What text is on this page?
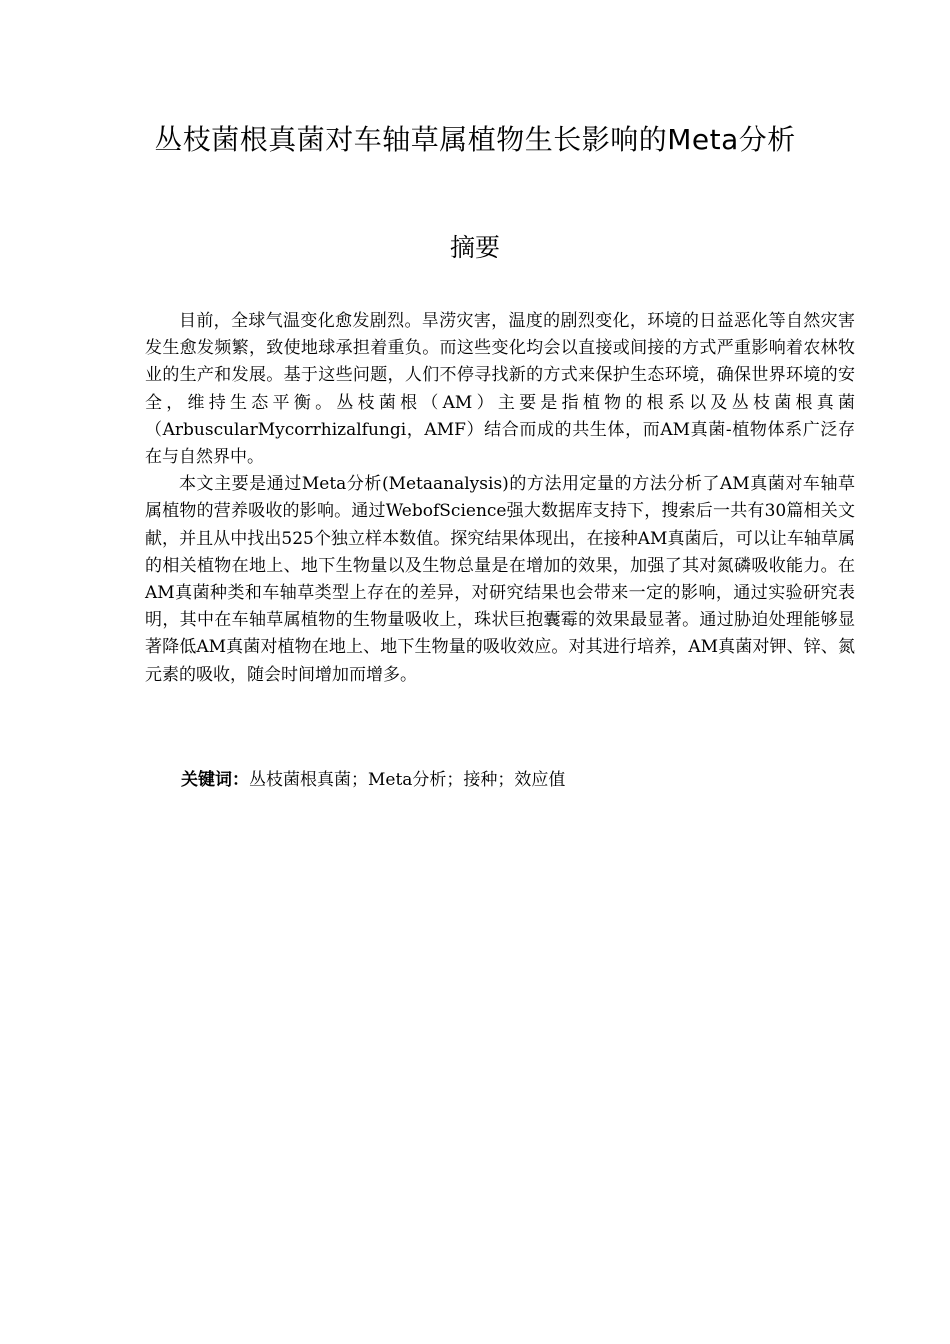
丛枝菌根真菌对车轴草属植物生长影响的Meta分析
摘要

目前，全球气温变化愈发剧烈。旱涝灾害，温度的剧烈变化，环境的日益恶化等自然灾害发生愈发频繁，致使地球承担着重负。而这些变化均会以直接或间接的方式严重影响着农林牧业的生产和发展。基于这些问题，人们不停寻找新的方式来保护生态环境，确保世界环境的安全，维持生态平衡。丛枝菌根（AM）主要是指植物的根系以及丛枝菌根真菌（ArbuscularMycorrhizalfungi，AMF）结合而成的共生体，而AM真菌-植物体系广泛存在与自然界中。

本文主要是通过Meta分析(Metaanalysis)的方法用定量的方法分析了AM真菌对车轴草属植物的营养吸收的影响。通过WebofScience强大数据库支持下，搜索后一共有30篇相关文献，并且从中找出525个独立样本数值。探究结果体现出，在接种AM真菌后，可以让车轴草属的相关植物在地上、地下生物量以及生物总量是在增加的效果，加强了其对氮磷吸收能力。在AM真菌种类和车轴草类型上存在的差异，对研究结果也会带来一定的影响，通过实验研究表明，其中在车轴草属植物的生物量吸收上，珠状巨抱囊霉的效果最显著。通过胁迫处理能够显著降低AM真菌对植物在地上、地下生物量的吸收效应。对其进行培养，AM真菌对钾、锌、氮元素的吸收，随会时间增加而增多。

关键词：丛枝菌根真菌；Meta分析；接种；效应值
